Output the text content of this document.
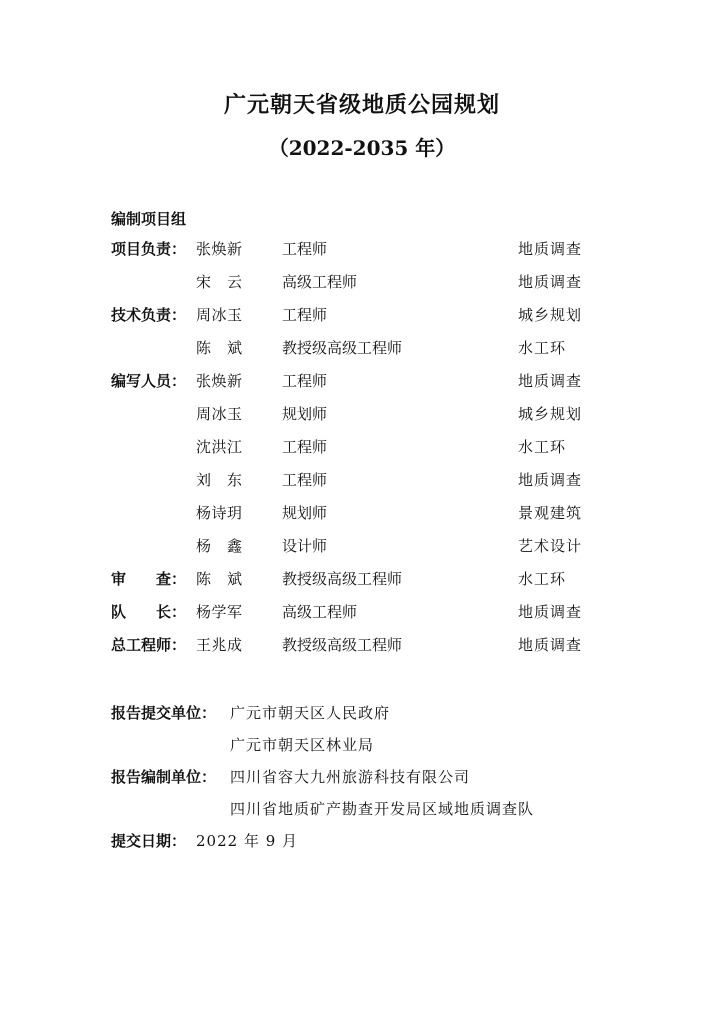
广元朝天省级地质公园规划
（2022-2035 年）
编制项目组
项目负责： 张焕新	工程师	地质调查
宋　云	高级工程师	地质调查
技术负责： 周冰玉	工程师	城乡规划
陈　斌	教授级高级工程师	水工环
编写人员： 张焕新	工程师	地质调查
周冰玉	规划师	城乡规划
沈洪江	工程师	水工环
刘　东	工程师	地质调查
杨诗玥	规划师	景观建筑
杨　鑫	设计师	艺术设计
审　　查： 陈　斌	教授级高级工程师	水工环
队　　长： 杨学军	高级工程师	地质调查
总工程师： 王兆成	教授级高级工程师	地质调查
报告提交单位： 广元市朝天区人民政府
广元市朝天区林业局
报告编制单位： 四川省容大九州旅游科技有限公司
四川省地质矿产勘查开发局区域地质调查队
提交日期： 2022 年 9 月
